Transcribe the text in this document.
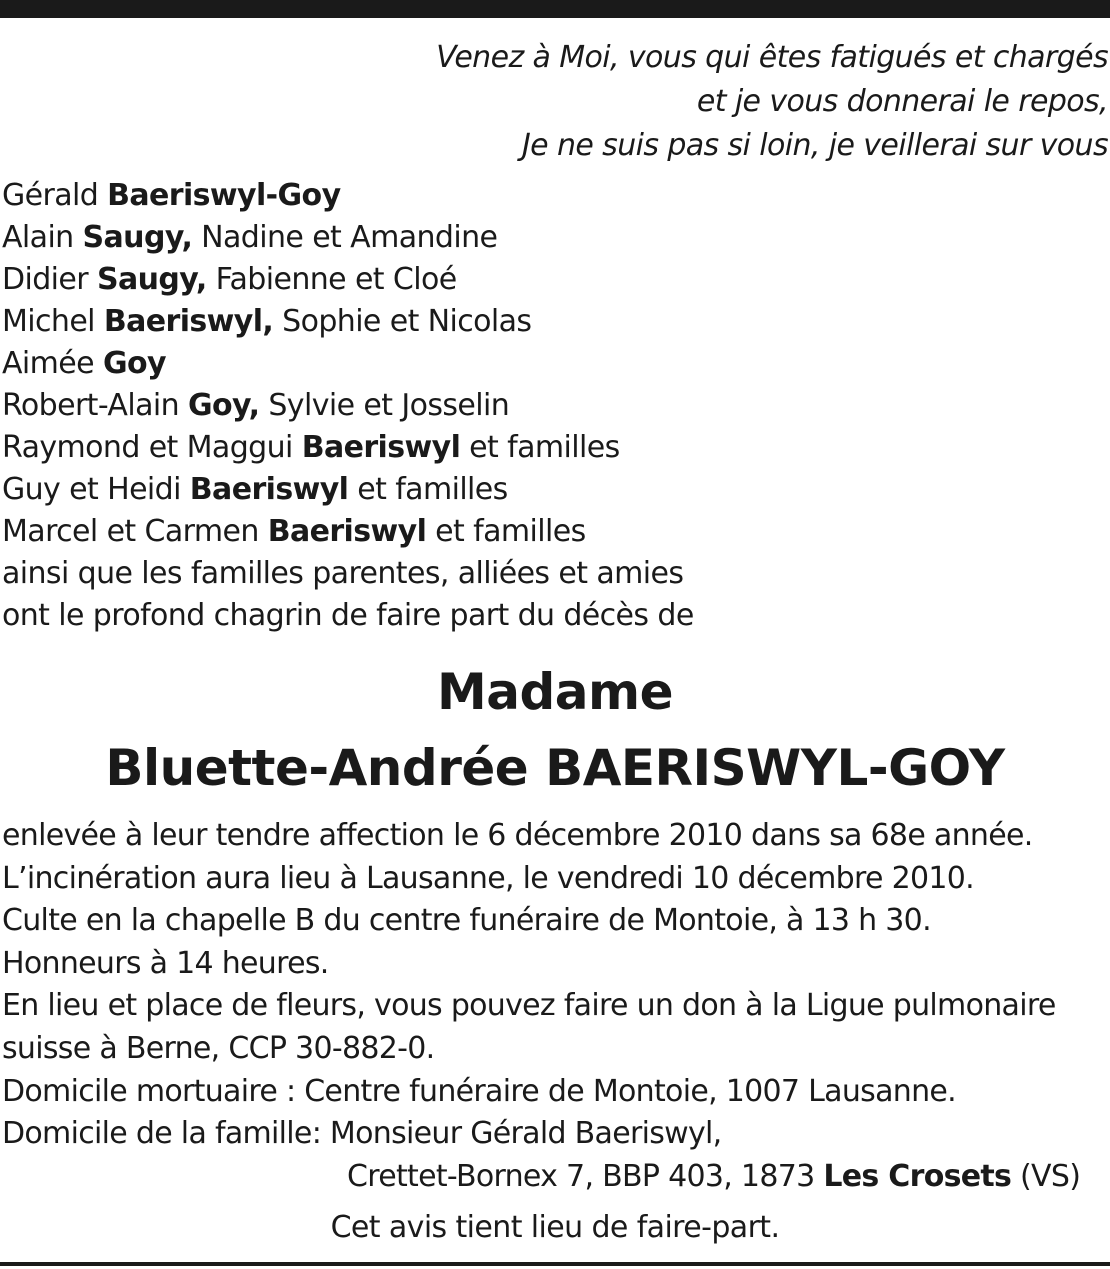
Venez à Moi, vous qui êtes fatigués et chargés
et je vous donnerai le repos,
Je ne suis pas si loin, je veillerai sur vous
Gérald Baeriswyl-Goy
Alain Saugy, Nadine et Amandine
Didier Saugy, Fabienne et Cloé
Michel Baeriswyl, Sophie et Nicolas
Aimée Goy
Robert-Alain Goy, Sylvie et Josselin
Raymond et Maggui Baeriswyl et familles
Guy et Heidi Baeriswyl et familles
Marcel et Carmen Baeriswyl et familles
ainsi que les familles parentes, alliées et amies
ont le profond chagrin de faire part du décès de
Madame
Bluette-Andrée BAERISWYL-GOY
enlevée à leur tendre affection le 6 décembre 2010 dans sa 68e année.
L’incinération aura lieu à Lausanne, le vendredi 10 décembre 2010.
Culte en la chapelle B du centre funéraire de Montoie, à 13 h 30.
Honneurs à 14 heures.
En lieu et place de fleurs, vous pouvez faire un don à la Ligue pulmonaire
suisse à Berne, CCP 30-882-0.
Domicile mortuaire : Centre funéraire de Montoie, 1007 Lausanne.
Domicile de la famille: Monsieur Gérald Baeriswyl,
Crettet-Bornex 7, BBP 403, 1873 Les Crosets (VS)
Cet avis tient lieu de faire-part.
